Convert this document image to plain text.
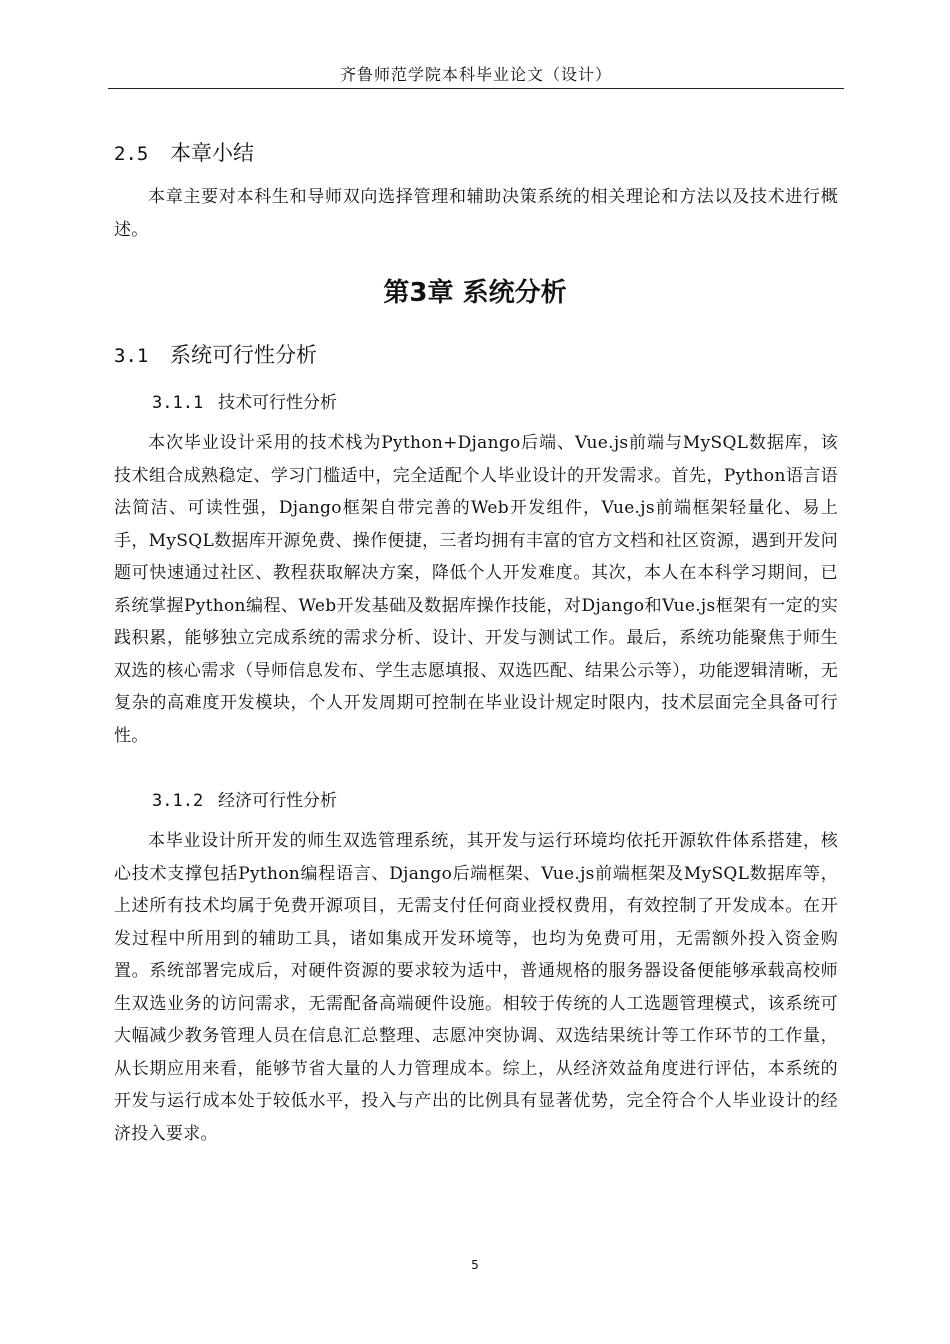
齐鲁师范学院本科毕业论文（设计）
2.5 本章小结
本章主要对本科生和导师双向选择管理和辅助决策系统的相关理论和方法以及技术进行概述。
第3章 系统分析
3.1 系统可行性分析
3.1.1 技术可行性分析
本次毕业设计采用的技术栈为Python+Django后端、Vue.js前端与MySQL数据库，该技术组合成熟稳定、学习门槛适中，完全适配个人毕业设计的开发需求。首先，Python语言语法简洁、可读性强，Django框架自带完善的Web开发组件，Vue.js前端框架轻量化、易上手，MySQL数据库开源免费、操作便捷，三者均拥有丰富的官方文档和社区资源，遇到开发问题可快速通过社区、教程获取解决方案，降低个人开发难度。其次，本人在本科学习期间，已系统掌握Python编程、Web开发基础及数据库操作技能，对Django和Vue.js框架有一定的实践积累，能够独立完成系统的需求分析、设计、开发与测试工作。最后，系统功能聚焦于师生双选的核心需求（导师信息发布、学生志愿填报、双选匹配、结果公示等），功能逻辑清晰，无复杂的高难度开发模块，个人开发周期可控制在毕业设计规定时限内，技术层面完全具备可行性。
3.1.2 经济可行性分析
本毕业设计所开发的师生双选管理系统，其开发与运行环境均依托开源软件体系搭建，核心技术支撑包括Python编程语言、Django后端框架、Vue.js前端框架及MySQL数据库等，上述所有技术均属于免费开源项目，无需支付任何商业授权费用，有效控制了开发成本。在开发过程中所用到的辅助工具，诸如集成开发环境等，也均为免费可用，无需额外投入资金购置。系统部署完成后，对硬件资源的要求较为适中，普通规格的服务器设备便能够承载高校师生双选业务的访问需求，无需配备高端硬件设施。相较于传统的人工选题管理模式，该系统可大幅减少教务管理人员在信息汇总整理、志愿冲突协调、双选结果统计等工作环节的工作量，从长期应用来看，能够节省大量的人力管理成本。综上，从经济效益角度进行评估，本系统的开发与运行成本处于较低水平，投入与产出的比例具有显著优势，完全符合个人毕业设计的经济投入要求。
5
